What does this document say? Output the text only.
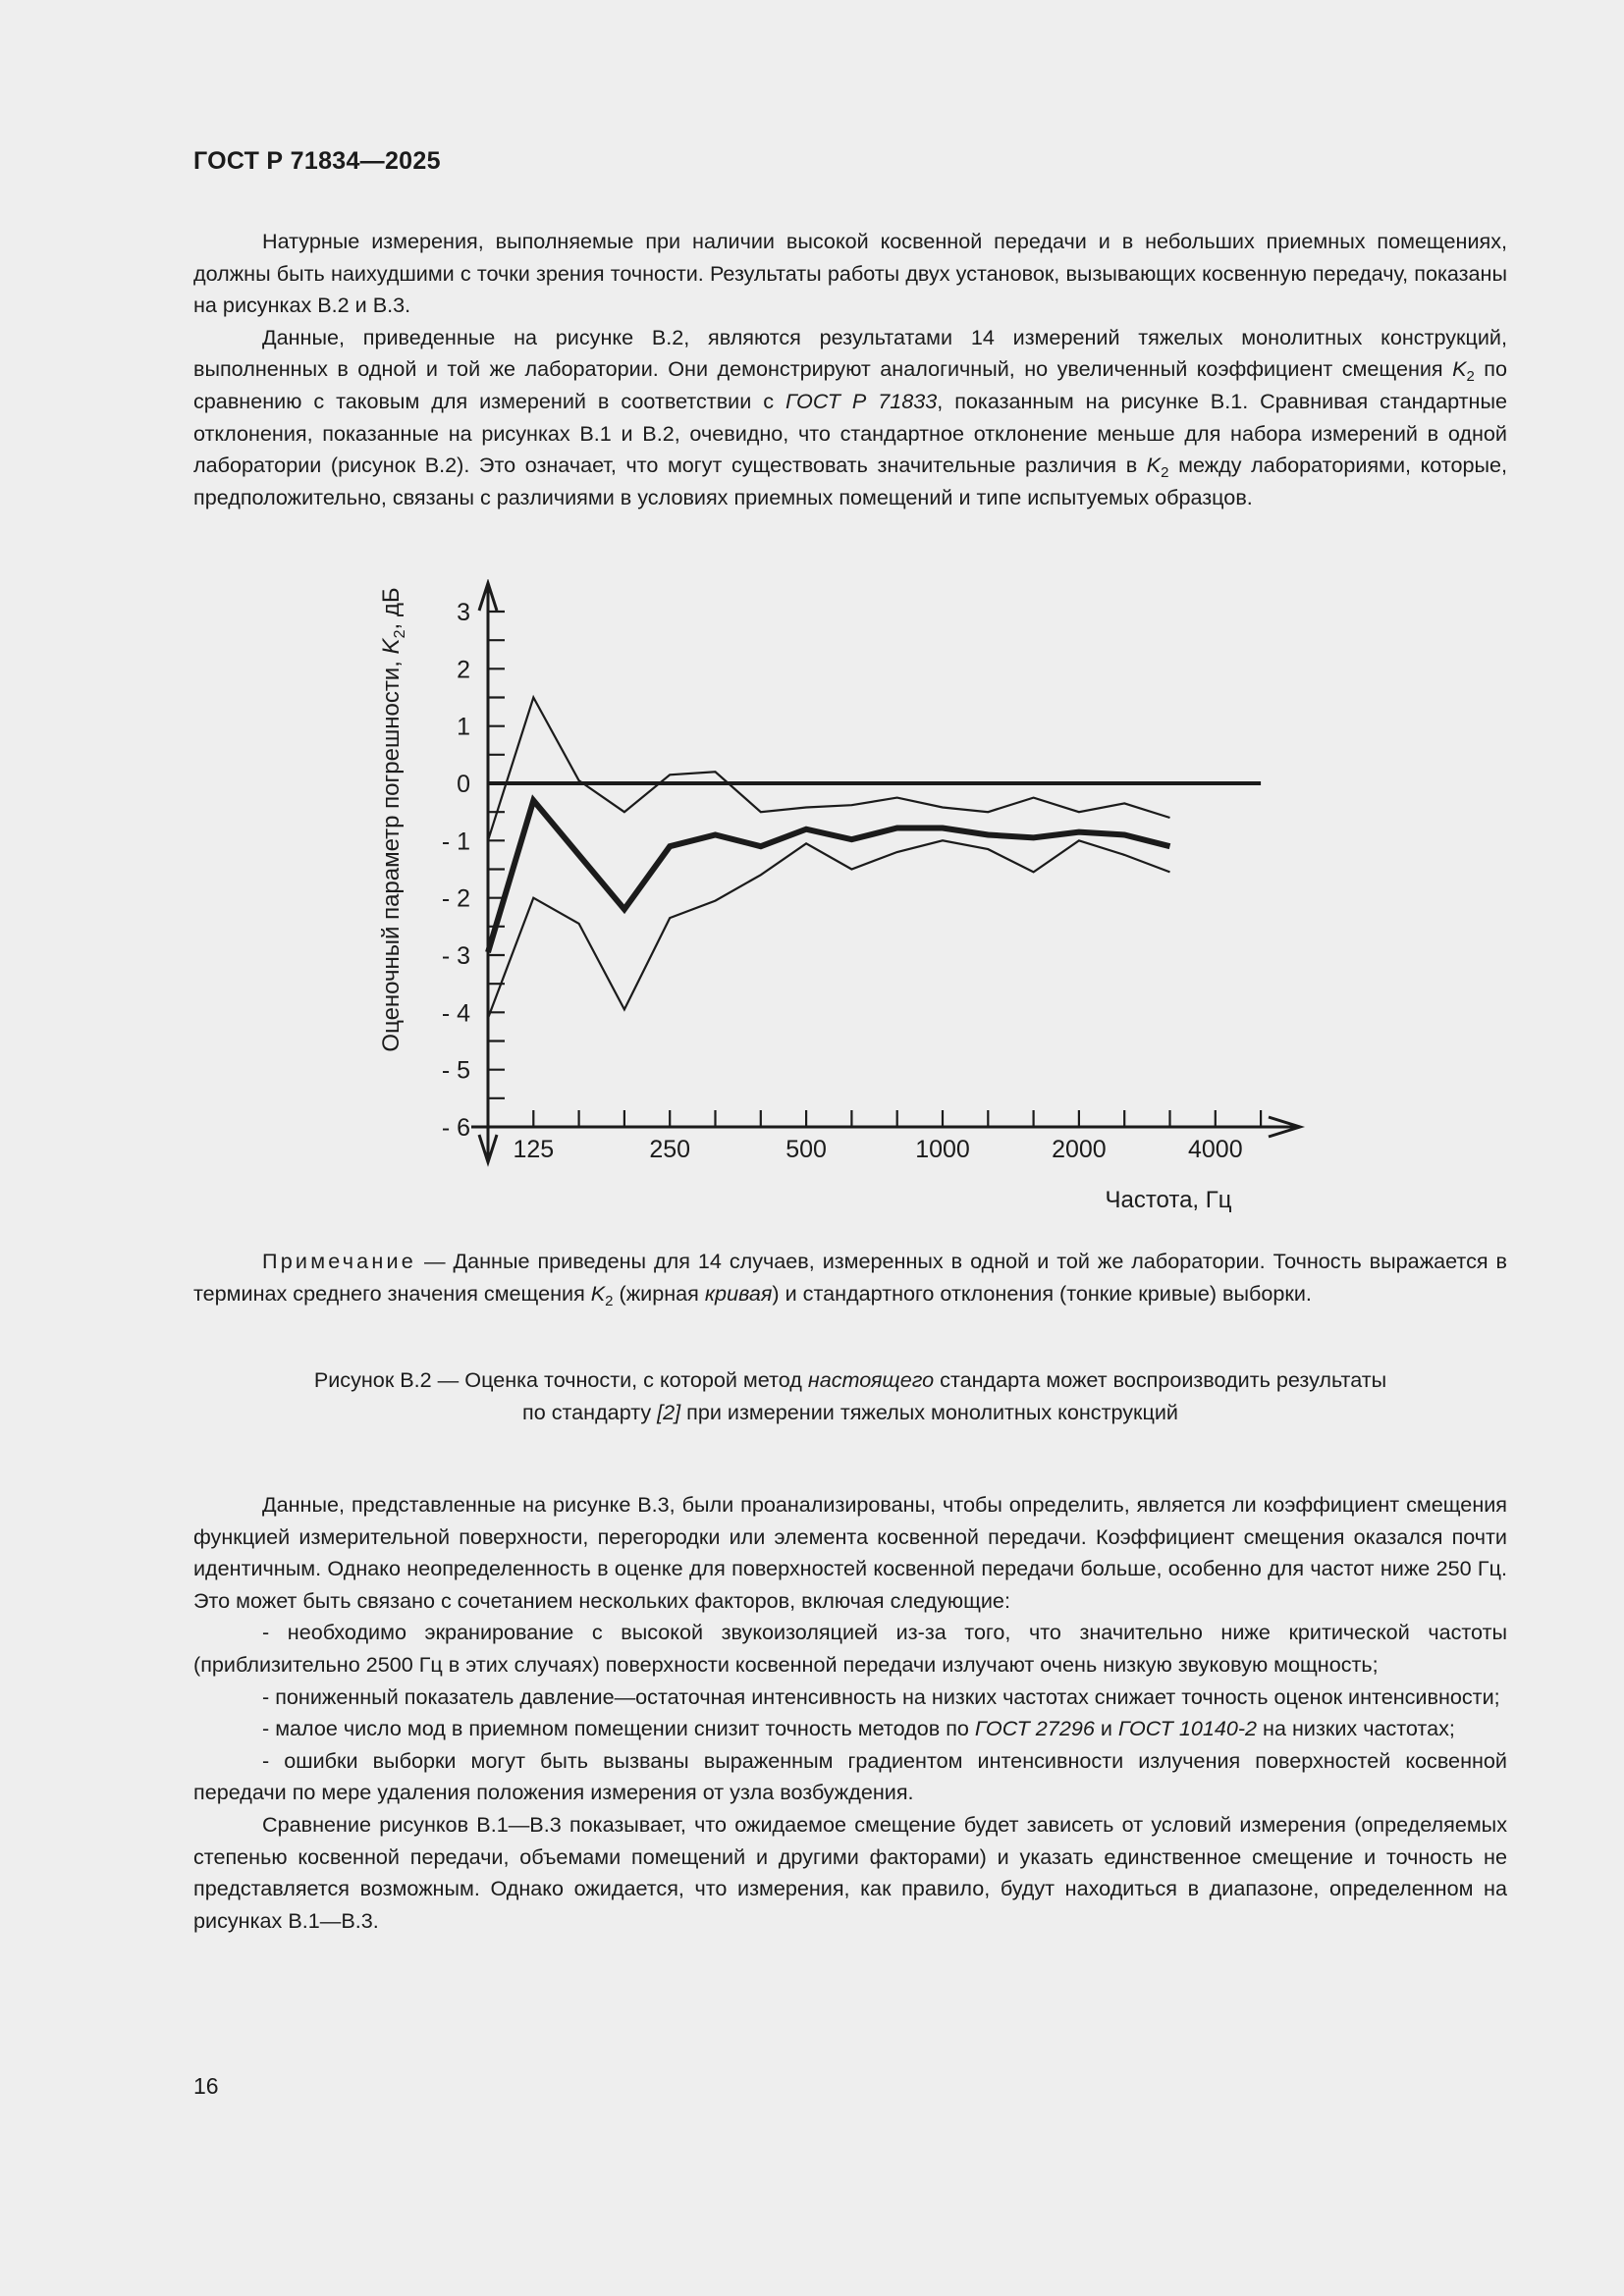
ГОСТ Р 71834—2025

Натурные измерения, выполняемые при наличии высокой косвенной передачи и в небольших приемных помещениях, должны быть наихудшими с точки зрения точности. Результаты работы двух установок, вызывающих косвенную передачу, показаны на рисунках В.2 и В.3.

Данные, приведенные на рисунке В.2, являются результатами 14 измерений тяжелых монолитных конструкций, выполненных в одной и той же лаборатории. Они демонстрируют аналогичный, но увеличенный коэффициент смещения $K_2$ по сравнению с таковым для измерений в соответствии с ГОСТ Р 71833, показанным на рисунке В.1. Сравнивая стандартные отклонения, показанные на рисунках В.1 и В.2, очевидно, что стандартное отклонение меньше для набора измерений в одной лаборатории (рисунок В.2). Это означает, что могут существовать значительные различия в $K_2$ между лабораториями, которые, предположительно, связаны с различиями в условиях приемных помещений и типе испытуемых образцов.

Оценочный параметр погрешности, $K_2$, дБ 3
2
1
0
- 1
- 2
- 3
- 4
- 5
- 6
125	250	500	1000	2000	4000
Частота, Гц

Примечание — Данные приведены для 14 случаев, измеренных в одной и той же лаборатории. Точность выражается в терминах среднего значения смещения $K_2$ (жирная кривая) и стандартного отклонения (тонкие кривые) выборки.

Рисунок В.2 — Оценка точности, с которой метод настоящего стандарта может воспроизводить результаты
по стандарту [2] при измерении тяжелых монолитных конструкций

Данные, представленные на рисунке В.3, были проанализированы, чтобы определить, является ли коэффициент смещения функцией измерительной поверхности, перегородки или элемента косвенной передачи. Коэффициент смещения оказался почти идентичным. Однако неопределенность в оценке для поверхностей косвенной передачи больше, особенно для частот ниже 250 Гц. Это может быть связано с сочетанием нескольких факторов, включая следующие:

- необходимо экранирование с высокой звукоизоляцией из-за того, что значительно ниже критической частоты (приблизительно 2500 Гц в этих случаях) поверхности косвенной передачи излучают очень низкую звуковую мощность;

- пониженный показатель давление—остаточная интенсивность на низких частотах снижает точность оценок интенсивности;

- малое число мод в приемном помещении снизит точность методов по ГОСТ 27296 и ГОСТ 10140-2 на низких частотах;

- ошибки выборки могут быть вызваны выраженным градиентом интенсивности излучения поверхностей косвенной передачи по мере удаления положения измерения от узла возбуждения.

Сравнение рисунков В.1—В.3 показывает, что ожидаемое смещение будет зависеть от условий измерения (определяемых степенью косвенной передачи, объемами помещений и другими факторами) и указать единственное смещение и точность не представляется возможным. Однако ожидается, что измерения, как правило, будут находиться в диапазоне, определенном на рисунках В.1—В.3.

16
